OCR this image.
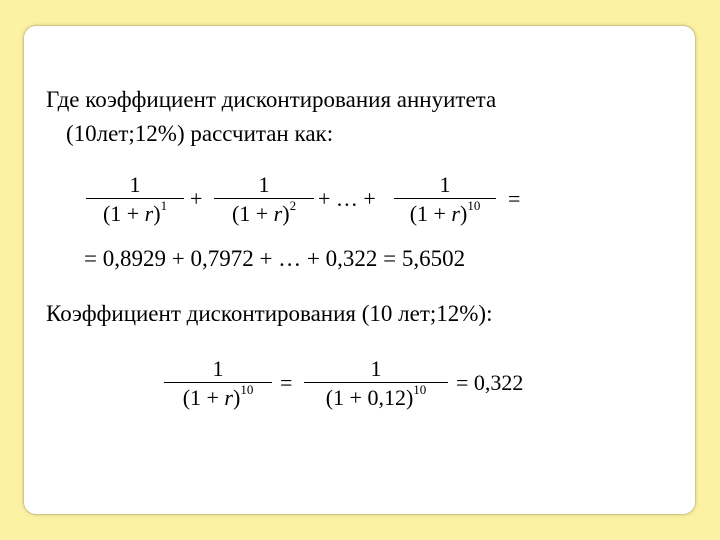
Где коэффициент дисконтирования аннуитета
(10лет;12%) рассчитан как:
1
$(1 + r)^1$	+
1
$(1 + r)^2$ + … +
1
$(1 + r)^{10}$	=
= 0,8929 + 0,7972 + … + 0,322 = 5,6502
Коэффициент дисконтирования (10 лет;12%):
1
$(1 + r)^{10}$	=
1
$(1 + 0,12)^{10}$	= 0,322
